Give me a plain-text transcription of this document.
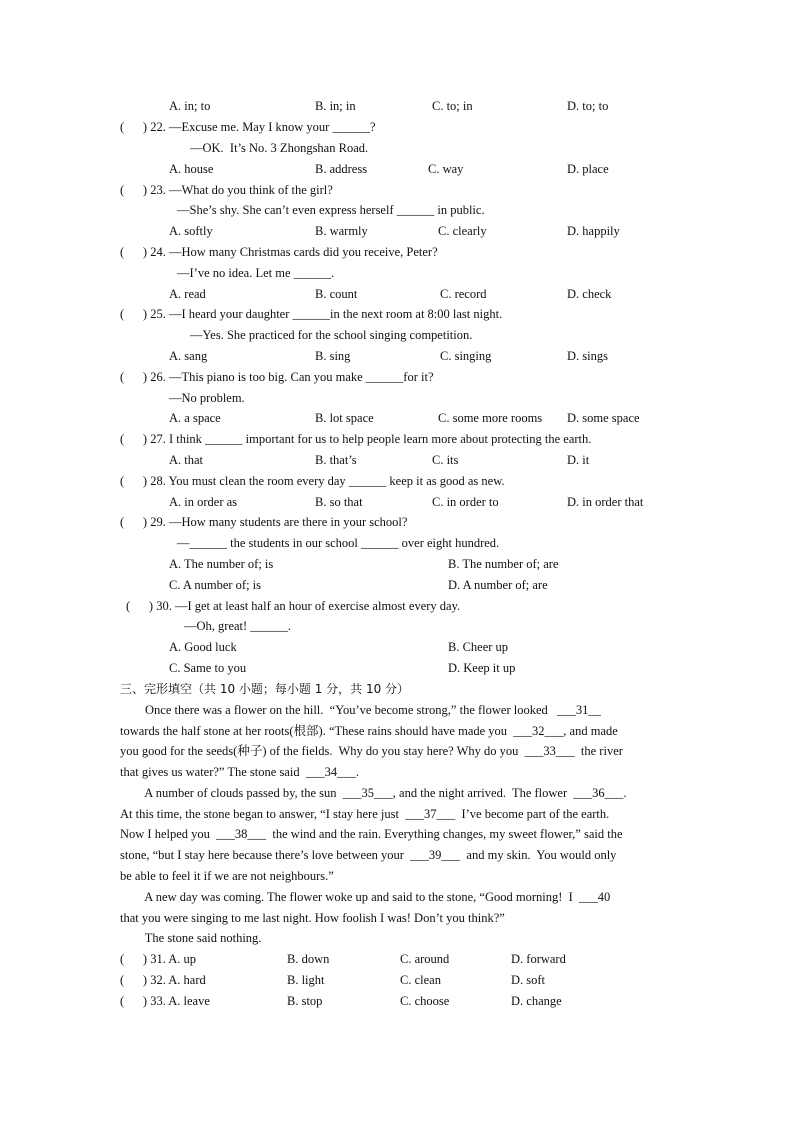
A. in; to	B. in; in	C. to; in	D. to; to
(      ) 22. —Excuse me. May I know your ______?
—OK.  It’s No. 3 Zhongshan Road.
A. house	B. address	C. way	D. place
(      ) 23. —What do you think of the girl?
—She’s shy. She can’t even express herself ______ in public.
A. softly	B. warmly	C. clearly	D. happily
(      ) 24. —How many Christmas cards did you receive, Peter?
—I’ve no idea. Let me ______.
A. read	B. count	C. record	D. check
(      ) 25. —I heard your daughter ______in the next room at 8:00 last night.
—Yes. She practiced for the school singing competition.
A. sang	B. sing	C. singing	D. sings
(      ) 26. —This piano is too big. Can you make ______for it?
—No problem.
A. a space	B. lot space	C. some more rooms D. some space
(      ) 27. I think ______ important for us to help people learn more about protecting the earth.
A. that	B. that’s	C. its	D. it
(      ) 28. You must clean the room every day ______ keep it as good as new.
A. in order as	B. so that	C. in order to	D. in order that
(      ) 29. —How many students are there in your school?
—______ the students in our school ______ over eight hundred.
A. The number of; is	B. The number of; are
C. A number of; is	D. A number of; are
(      ) 30. —I get at least half an hour of exercise almost every day.
—Oh, great! ______.
A. Good luck	B. Cheer up
C. Same to you	D. Keep it up
三、完形填空（共 10 小题；每小题 1 分，共 10 分）
Once there was a flower on the hill.  “You’ve become strong,” the flower looked   ___31__
towards the half stone at her roots(根部). “These rains should have made you  ___32___, and made
you good for the seeds(种子) of the fields.  Why do you stay here? Why do you  ___33___  the river
that gives us water?” The stone said  ___34___.
A number of clouds passed by, the sun  ___35___, and the night arrived.  The flower  ___36___.
At this time, the stone began to answer, “I stay here just  ___37___  I’ve become part of the earth.
Now I helped you  ___38___  the wind and the rain. Everything changes, my sweet flower,” said the
stone, “but I stay here because there’s love between your  ___39___  and my skin.  You would only
be able to feel it if we are not neighbours.”
A new day was coming. The flower woke up and said to the stone, “Good morning!  I  ___40
that you were singing to me last night. How foolish I was! Don’t you think?”
The stone said nothing.
(      ) 31. A. up	B. down	C. around	D. forward
(      ) 32. A. hard	B. light	C. clean	D. soft
(      ) 33. A. leave	B. stop	C. choose	D. change
